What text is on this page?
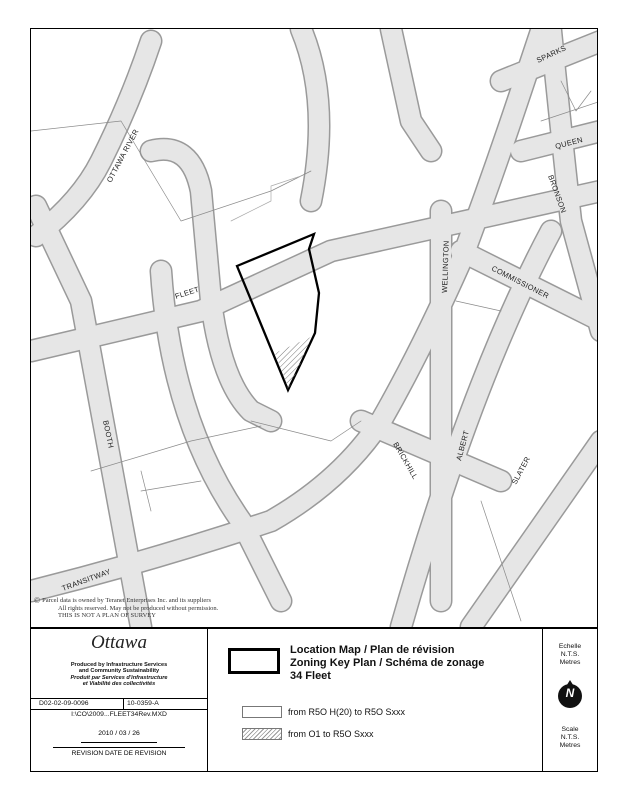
SPARKS
QUEEN
BRONSON
OTTAWA RIVER
FLEET	WELLINGTON	COMMISSIONER
BOOTH
BRICKHILL	ALBERT
SLATER
TRANSITWAY
© Parcel data is owned by Teranet Enterprises Inc. and its suppliers
All rights reserved. May not be produced without permission.
THIS IS NOT A PLAN OF SURVEY
Ottawa
Produced by Infrastructure Services
and Community Sustainability
Produit par Services d'infrastructure
et Viabilité des collectivités
D02-02-09-0096	10-0359-A
I:\CO\2009...FLEET34Rev.MXD
2010 / 03 / 26
REVISION DATE DE REVISION
Location Map / Plan de révision
Zoning Key Plan / Schéma de zonage
34 Fleet
from R5O H(20) to R5O Sxxx
from O1 to R5O Sxxx
Echelle
N.T.S.
Metres
N
Scale
N.T.S.
Metres
